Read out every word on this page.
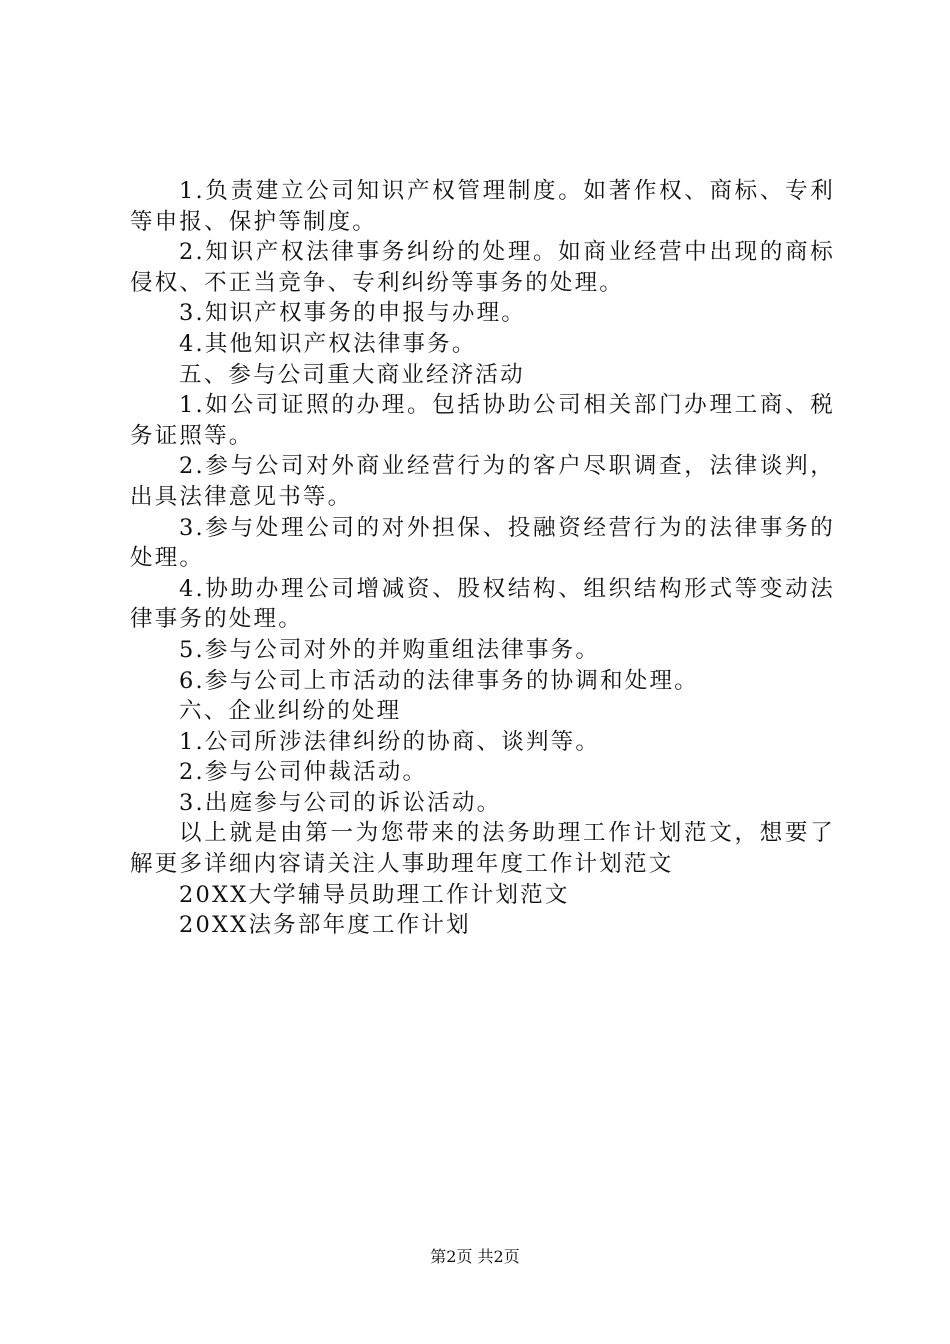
1.负责建立公司知识产权管理制度。如著作权、商标、专利等申报、保护等制度。

2.知识产权法律事务纠纷的处理。如商业经营中出现的商标侵权、不正当竞争、专利纠纷等事务的处理。

3.知识产权事务的申报与办理。

4.其他知识产权法律事务。

五、参与公司重大商业经济活动

1.如公司证照的办理。包括协助公司相关部门办理工商、税务证照等。

2.参与公司对外商业经营行为的客户尽职调查，法律谈判，出具法律意见书等。

3.参与处理公司的对外担保、投融资经营行为的法律事务的处理。

4.协助办理公司增减资、股权结构、组织结构形式等变动法律事务的处理。

5.参与公司对外的并购重组法律事务。

6.参与公司上市活动的法律事务的协调和处理。

六、企业纠纷的处理

1.公司所涉法律纠纷的协商、谈判等。

2.参与公司仲裁活动。

3.出庭参与公司的诉讼活动。

以上就是由第一为您带来的法务助理工作计划范文，想要了解更多详细内容请关注人事助理年度工作计划范文

20XX大学辅导员助理工作计划范文

20XX法务部年度工作计划

第2页 共2页
